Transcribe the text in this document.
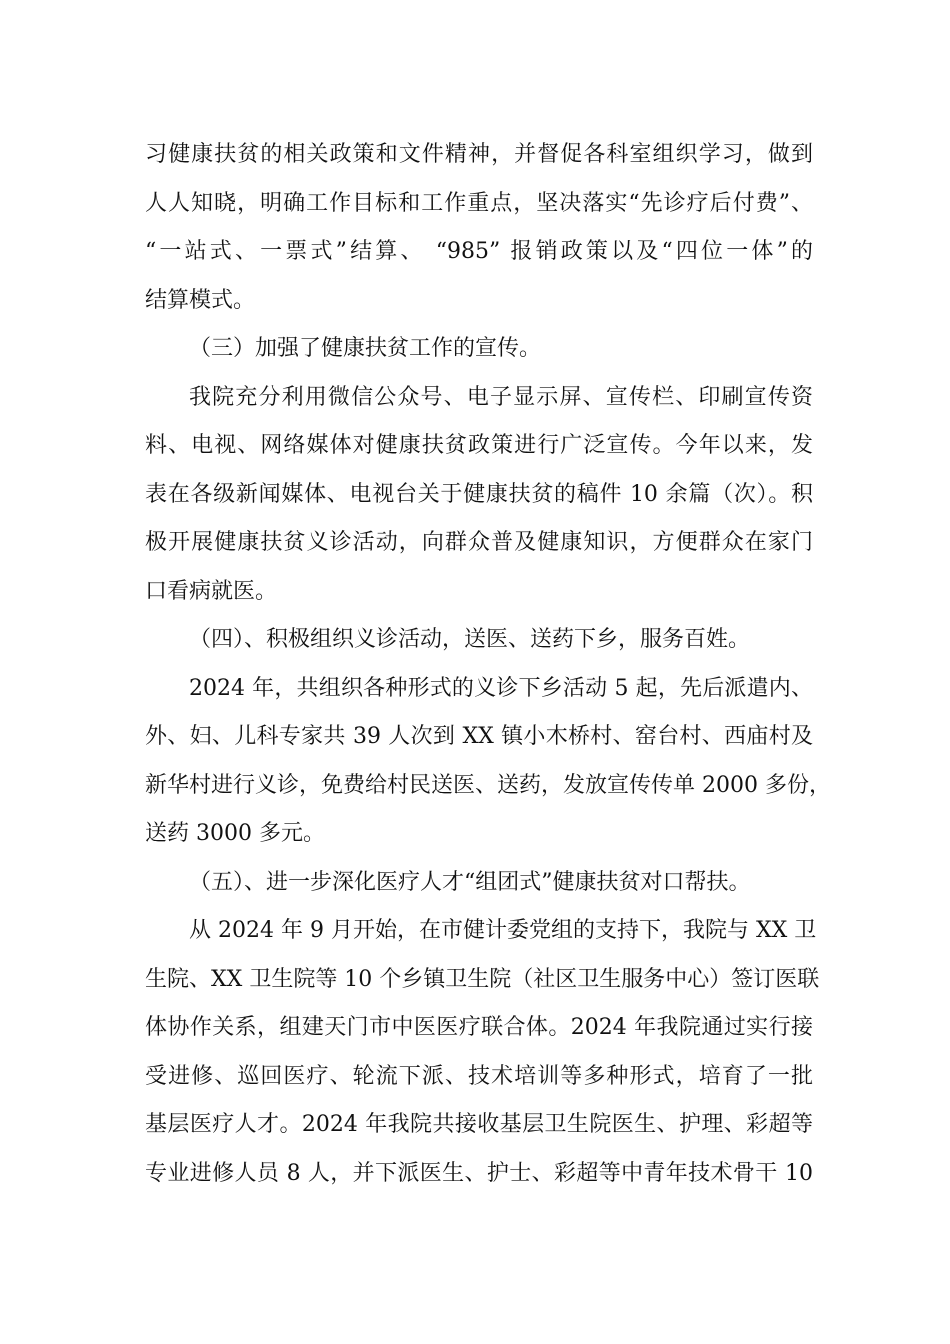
习健康扶贫的相关政策和文件精神，并督促各科室组织学习，做到
人人知晓，明确工作目标和工作重点，坚决落实“先诊疗后付费”、
“一站式、一票式”结算、 “985” 报销政策以及“四位一体”的
结算模式。
（三）加强了健康扶贫工作的宣传。
我院充分利用微信公众号、电子显示屏、宣传栏、印刷宣传资
料、电视、网络媒体对健康扶贫政策进行广泛宣传。今年以来，发
表在各级新闻媒体、电视台关于健康扶贫的稿件 10 余篇（次）。积
极开展健康扶贫义诊活动，向群众普及健康知识，方便群众在家门
口看病就医。
（四）、积极组织义诊活动，送医、送药下乡，服务百姓。
2024 年，共组织各种形式的义诊下乡活动 5 起，先后派遣内、
外、妇、儿科专家共 39 人次到 XX 镇小木桥村、窑台村、西庙村及
新华村进行义诊，免费给村民送医、送药，发放宣传传单 2000 多份，
送药 3000 多元。
（五）、进一步深化医疗人才“组团式”健康扶贫对口帮扶。
从 2024 年 9 月开始，在市健计委党组的支持下，我院与 XX 卫
生院、XX 卫生院等 10 个乡镇卫生院（社区卫生服务中心）签订医联
体协作关系，组建天门市中医医疗联合体。2024 年我院通过实行接
受进修、巡回医疗、轮流下派、技术培训等多种形式，培育了一批
基层医疗人才。2024 年我院共接收基层卫生院医生、护理、彩超等
专业进修人员 8 人，并下派医生、护士、彩超等中青年技术骨干 10
